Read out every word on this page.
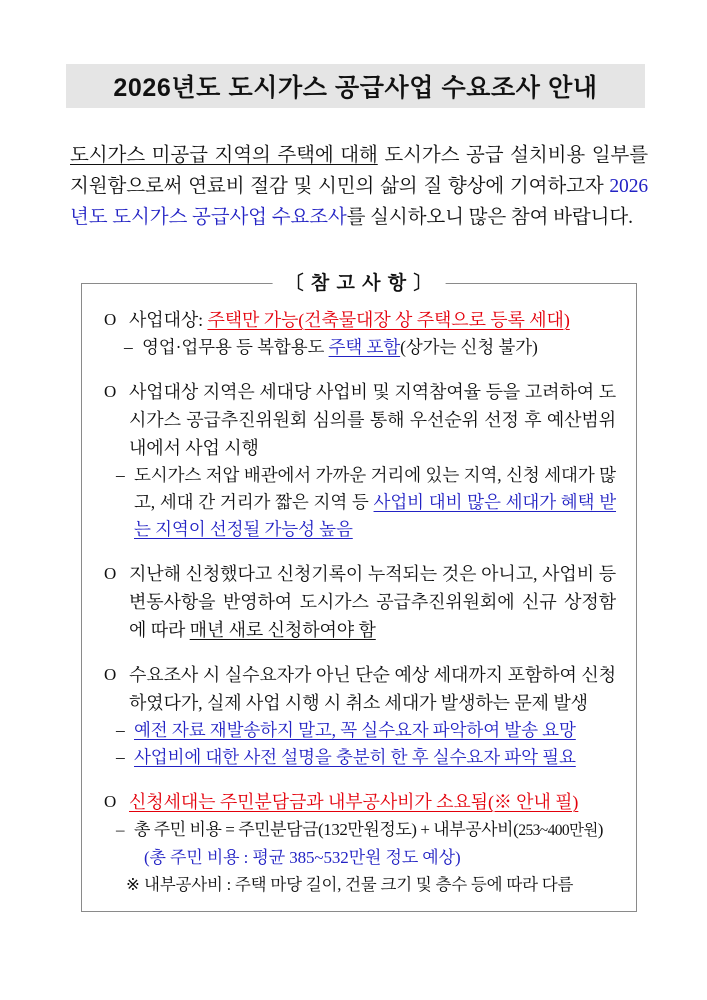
2026년도 도시가스 공급사업 수요조사 안내
도시가스 미공급 지역의 주택에 대해 도시가스 공급 설치비용 일부를 지원함으로써 연료비 절감 및 시민의 삶의 질 향상에 기여하고자 2026년도 도시가스 공급사업 수요조사를 실시하오니 많은 참여 바랍니다.
〔 참 고 사 항 〕
O 사업대상: 주택만 가능(건축물대장 상 주택으로 등록 세대)
– 영업·업무용 등 복합용도 주택 포함(상가는 신청 불가)
O 사업대상 지역은 세대당 사업비 및 지역참여율 등을 고려하여 도시가스 공급추진위원회 심의를 통해 우선순위 선정 후 예산범위 내에서 사업 시행
– 도시가스 저압 배관에서 가까운 거리에 있는 지역, 신청 세대가 많고, 세대 간 거리가 짧은 지역 등 사업비 대비 많은 세대가 혜택 받는 지역이 선정될 가능성 높음
O 지난해 신청했다고 신청기록이 누적되는 것은 아니고, 사업비 등 변동사항을 반영하여 도시가스 공급추진위원회에 신규 상정함에 따라 매년 새로 신청하여야 함
O 수요조사 시 실수요자가 아닌 단순 예상 세대까지 포함하여 신청하였다가, 실제 사업 시행 시 취소 세대가 발생하는 문제 발생
– 예전 자료 재발송하지 말고, 꼭 실수요자 파악하여 발송 요망
– 사업비에 대한 사전 설명을 충분히 한 후 실수요자 파악 필요
O 신청세대는 주민분담금과 내부공사비가 소요됨(※ 안내 필)
– 총 주민 비용 = 주민분담금(132만원정도) + 내부공사비(253~400만원)
(총 주민 비용 : 평균 385~532만원 정도 예상)
※ 내부공사비 : 주택 마당 길이, 건물 크기 및 층수 등에 따라 다름
